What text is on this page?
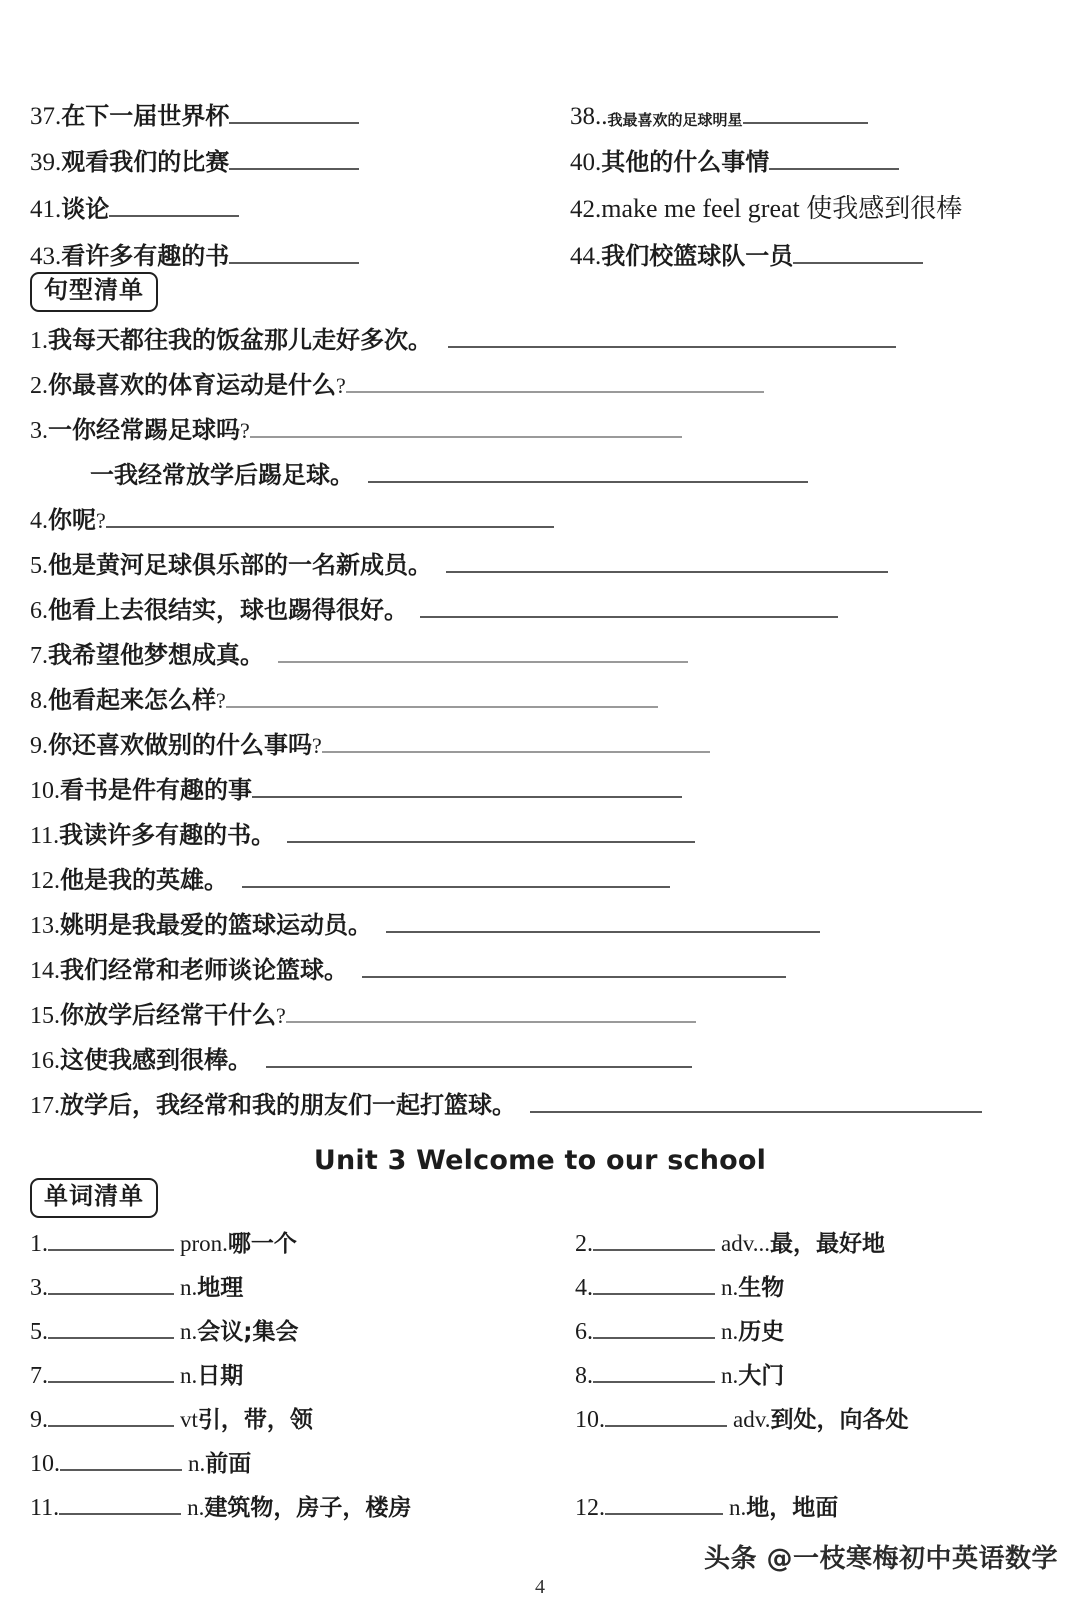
37. 在下一届世界杯	38.. 我最喜欢的足球明星
39. 观看我们的比赛	40. 其他的什么事情
41. 谈论	42. make me feel great 使我感到很棒
43. 看许多有趣的书	44. 我们校篮球队一员
句型清单
1. 我每天都往我的饭盆那儿走好多次。
2. 你最喜欢的体育运动是什么 ?
3. 一你经常踢足球吗 ?
一我经常放学后踢足球。
4. 你呢 ?
5. 他是黄河足球俱乐部的一名新成员。
6. 他看上去很结实，球也踢得很好。
7. 我希望他梦想成真。
8. 他看起来怎么样 ?
9. 你还喜欢做别的什么事吗 ?
10. 看书是件有趣的事
11. 我读许多有趣的书。
12. 他是我的英雄。
13. 姚明是我最爱的篮球运动员。
14. 我们经常和老师谈论篮球。
15. 你放学后经常干什么 ?
16. 这使我感到很棒。
17. 放学后，我经常和我的朋友们一起打篮球。
Unit 3 Welcome to our school
单词清单
1.	pron. 哪一个	2.	adv... 最，最好地
3.	n. 地理	4.	n. 生物
5.	n. 会议;集会	6.	n. 历史
7.	n. 日期	8.	n. 大门
9.	vt 引，带，领	10.	adv. 到处，向各处
10.	n. 前面
11.	n. 建筑物，房子，楼房	12.	n. 地，地面
头条 @一枝寒梅初中英语数学
4
